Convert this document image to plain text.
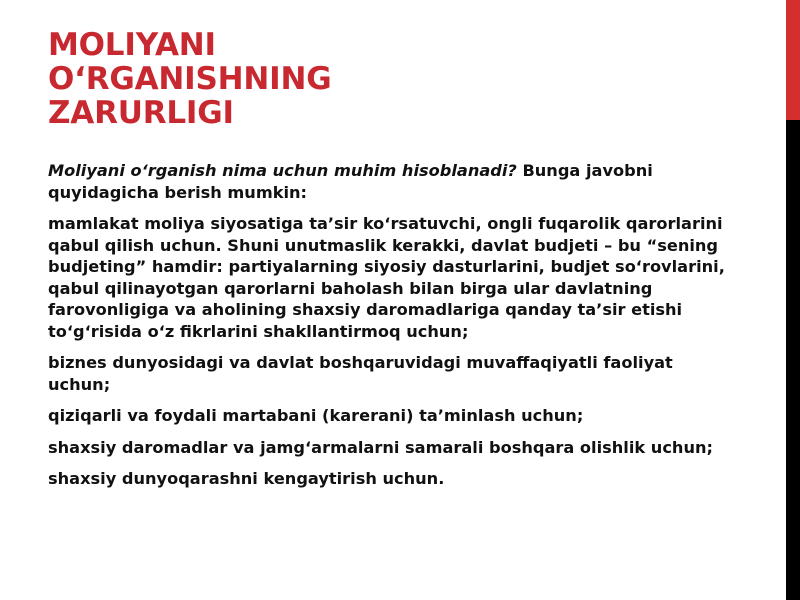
MOLIYANI
O‘RGANISHNING
ZARURLIGI

Moliyani o‘rganish nima uchun muhim hisoblanadi? Bunga javobni quyidagicha berish mumkin:

mamlakat moliya siyosatiga ta’sir ko‘rsatuvchi, ongli fuqarolik qarorlarini qabul qilish uchun. Shuni unutmaslik kerakki, davlat budjeti – bu “sening budjeting” hamdir: partiyalarning siyosiy dasturlarini, budjet so‘rovlarini, qabul qilinayotgan qarorlarni baholash bilan birga ular davlatning farovonligiga va aholining shaxsiy daromadlariga qanday ta’sir etishi to‘g‘risida o‘z fikrlarini shakllantirmoq uchun;

biznes dunyosidagi va davlat boshqaruvidagi muvaffaqiyatli faoliyat uchun;

qiziqarli va foydali martabani (karerani) ta’minlash uchun;

shaxsiy daromadlar va jamg‘armalarni samarali boshqara olishlik uchun;

shaxsiy dunyoqarashni kengaytirish uchun.
